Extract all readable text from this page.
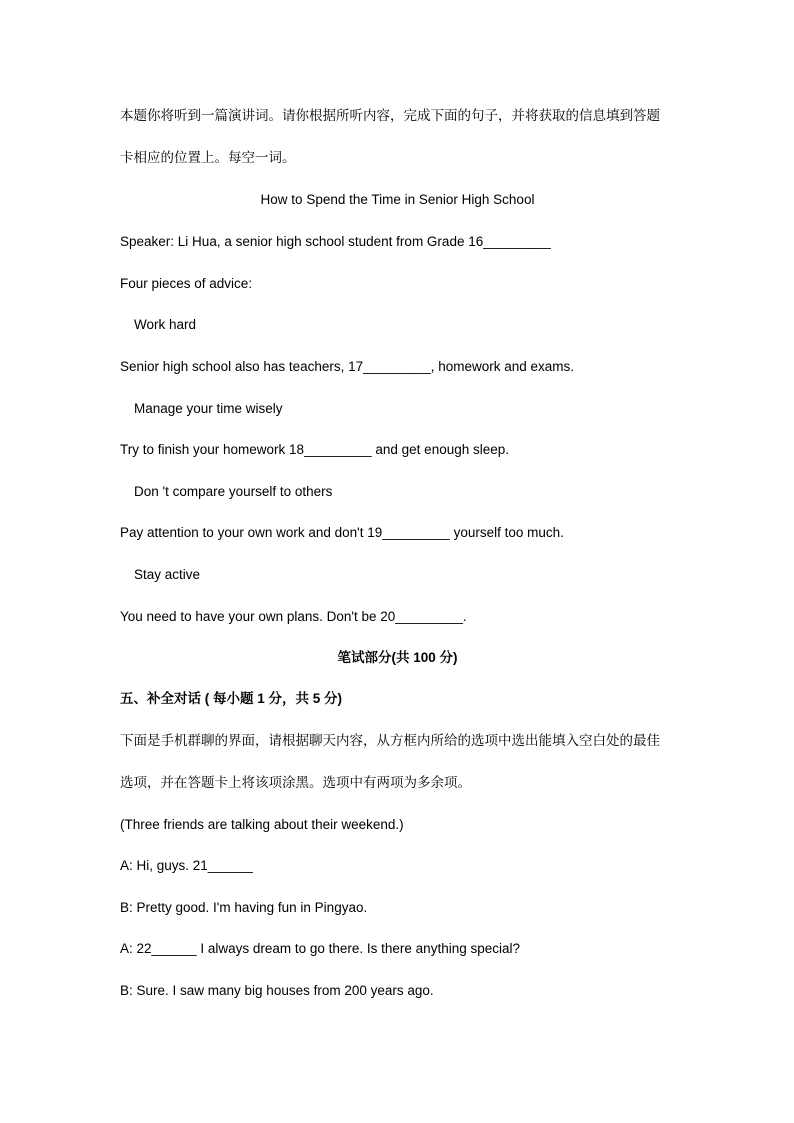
本题你将听到一篇演讲词。请你根据所听内容，完成下面的句子，并将获取的信息填到答题
卡相应的位置上。每空一词。
How to Spend the Time in Senior High School
Speaker: Li Hua, a senior high school student from Grade 16_________
Four pieces of advice:
Work hard
Senior high school also has teachers, 17_________, homework and exams.
Manage your time wisely
Try to finish your homework 18_________ and get enough sleep.
Don 't compare yourself to others
Pay attention to your own work and don't 19_________ yourself too much.
Stay active
You need to have your own plans. Don't be 20_________.
笔试部分(共 100 分)
五、补全对话 ( 每小题 1 分，共 5 分)
下面是手机群聊的界面，请根据聊天内容，从方框内所给的选项中选出能填入空白处的最佳
选项，并在答题卡上将该项涂黑。选项中有两项为多余项。
(Three friends are talking about their weekend.)
A: Hi, guys. 21______
B: Pretty good. I'm having fun in Pingyao.
A: 22______ I always dream to go there. Is there anything special?
B: Sure. I saw many big houses from 200 years ago.
